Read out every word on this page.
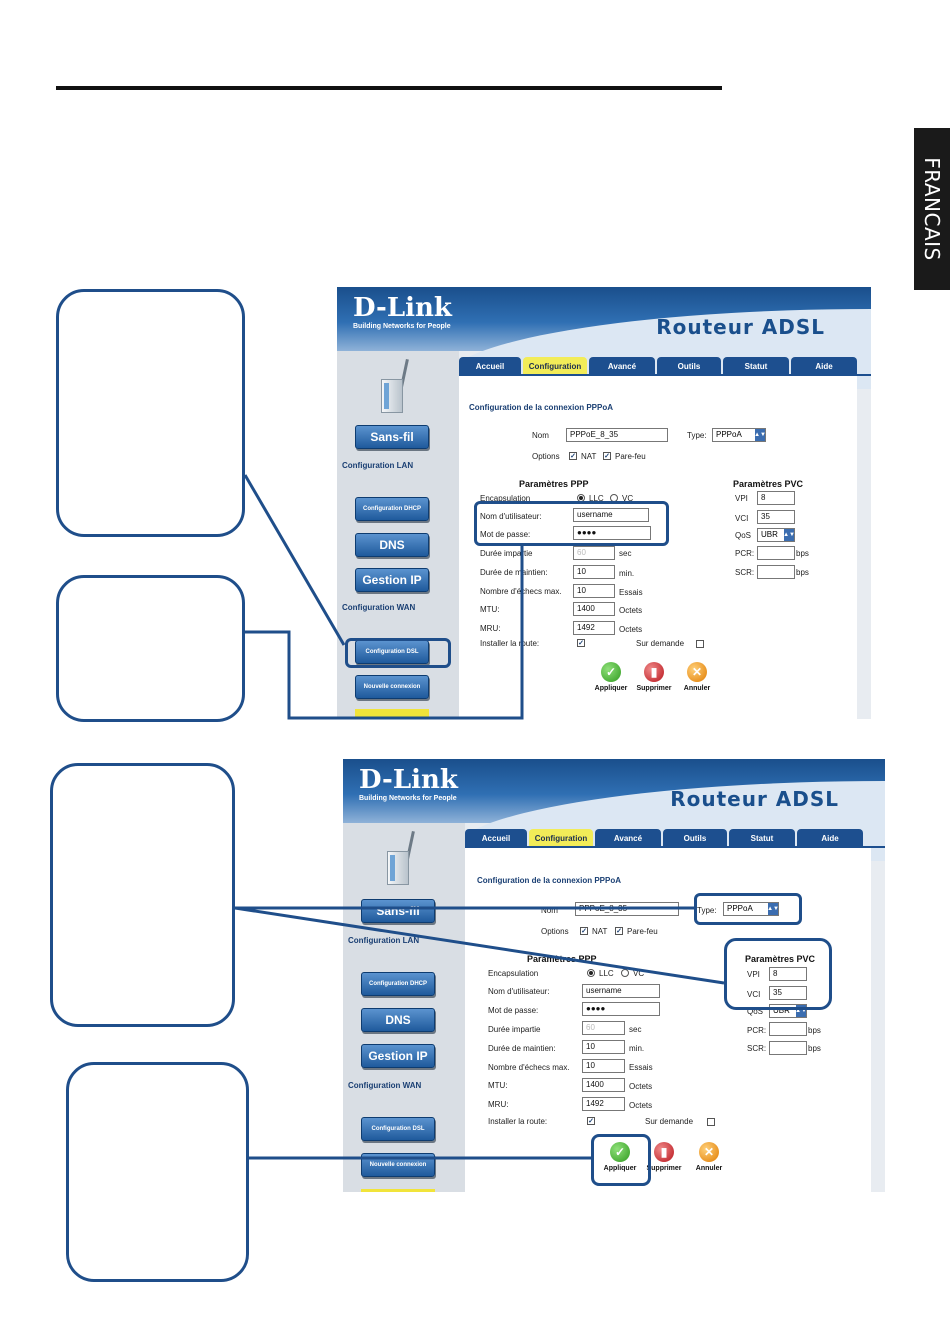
FRANCAIS
D-Link
Building Networks for People	Routeur ADSL
Sans-fil
Configuration LAN
Configuration DHCP
DNS
Gestion IP
Configuration WAN
Configuration DSL
Nouvelle connexion
Accueil	Configuration	Avancé	Outils	Statut	Aide
Configuration de la connexion PPPoA
Nom	PPPoE_8_35	Type:	PPPoA ▲▼
Options ✓ NAT ✓ Pare-feu
Paramètres PPP	Paramètres PVC
Encapsulation	LLC VC
Nom d'utilisateur:	username
Mot de passe:	●●●●
Durée impartie	60	sec
Durée de maintien:	10	min.
Nombre d'échecs max.	10	Essais
MTU:	1400	Octets
MRU:	1492	Octets
Installer la route:	✓	Sur demande
VPI	8
VCI	35
QoS	UBR ▲▼
PCR:	bps
SCR:	bps
✓
Appliquer
▮
Supprimer
✕
Annuler
D-Link
Building Networks for People	Routeur ADSL
Sans-fil
Configuration LAN
Configuration DHCP
DNS
Gestion IP
Configuration WAN
Configuration DSL
Nouvelle connexion
Accueil	Configuration	Avancé	Outils	Statut	Aide
Configuration de la connexion PPPoA
Nom	PPPoE_8_35	Type:	PPPoA ▲▼
Options ✓ NAT ✓ Pare-feu
Paramètres PPP	Paramètres PVC
Encapsulation	LLC VC
Nom d'utilisateur:	username
Mot de passe:	●●●●
Durée impartie	60	sec
Durée de maintien:	10	min.
Nombre d'échecs max.	10	Essais
MTU:	1400	Octets
MRU:	1492	Octets
Installer la route:	✓	Sur demande
VPI	8
VCI	35
QoS	UBR ▲▼
PCR:	bps
SCR:	bps
✓
Appliquer
▮
Supprimer
✕
Annuler
